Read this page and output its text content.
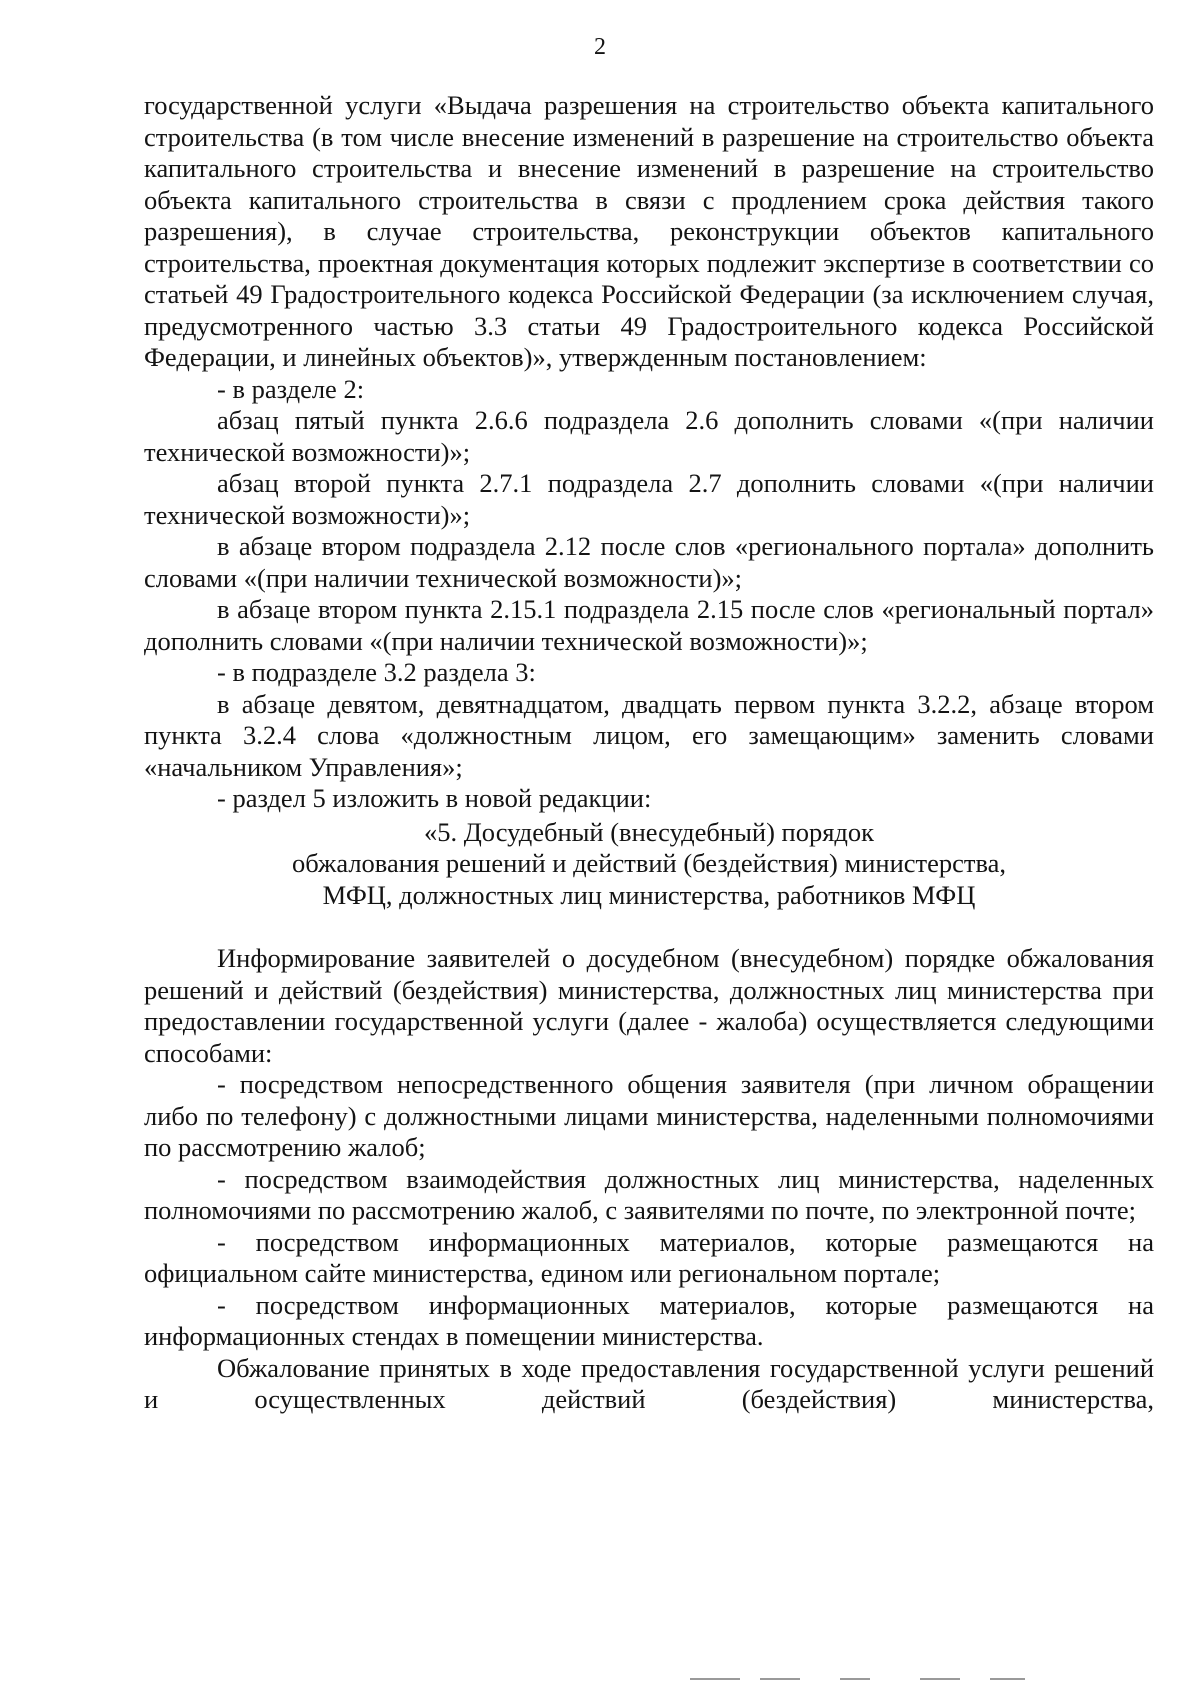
2

государственной услуги «Выдача разрешения на строительство объекта капитального строительства (в том числе внесение изменений в разрешение на строительство объекта капитального строительства и внесение изменений в разрешение на строительство объекта капитального строительства в связи с продлением срока действия такого разрешения), в случае строительства, реконструкции объектов капитального строительства, проектная документация которых подлежит экспертизе в соответствии со статьей 49 Градостроительного кодекса Российской Федерации (за исключением случая, предусмотренного частью 3.3 статьи 49 Градостроительного кодекса Российской Федерации, и линейных объектов)», утвержденным постановлением:

- в разделе 2:

абзац пятый пункта 2.6.6 подраздела 2.6 дополнить словами «(при наличии технической возможности)»;

абзац второй пункта 2.7.1 подраздела 2.7 дополнить словами «(при наличии технической возможности)»;

в абзаце втором подраздела 2.12 после слов «регионального портала» дополнить словами «(при наличии технической возможности)»;

в абзаце втором пункта 2.15.1 подраздела 2.15 после слов «региональный портал» дополнить словами «(при наличии технической возможности)»;

- в подразделе 3.2 раздела 3:

в абзаце девятом, девятнадцатом, двадцать первом пункта 3.2.2, абзаце втором пункта 3.2.4 слова «должностным лицом, его замещающим» заменить словами «начальником Управления»;

- раздел 5 изложить в новой редакции:

«5. Досудебный (внесудебный) порядок
обжалования решений и действий (бездействия) министерства,
МФЦ, должностных лиц министерства, работников МФЦ

Информирование заявителей о досудебном (внесудебном) порядке обжалования решений и действий (бездействия) министерства, должностных лиц министерства при предоставлении государственной услуги (далее - жалоба) осуществляется следующими способами:

- посредством непосредственного общения заявителя (при личном обращении либо по телефону) с должностными лицами министерства, наделенными полномочиями по рассмотрению жалоб;

- посредством взаимодействия должностных лиц министерства, наделенных полномочиями по рассмотрению жалоб, с заявителями по почте, по электронной почте;

- посредством информационных материалов, которые размещаются на официальном сайте министерства, едином или региональном портале;

- посредством информационных материалов, которые размещаются на информационных стендах в помещении министерства.

Обжалование принятых в ходе предоставления государственной услуги решений и осуществленных действий (бездействия) министерства,
